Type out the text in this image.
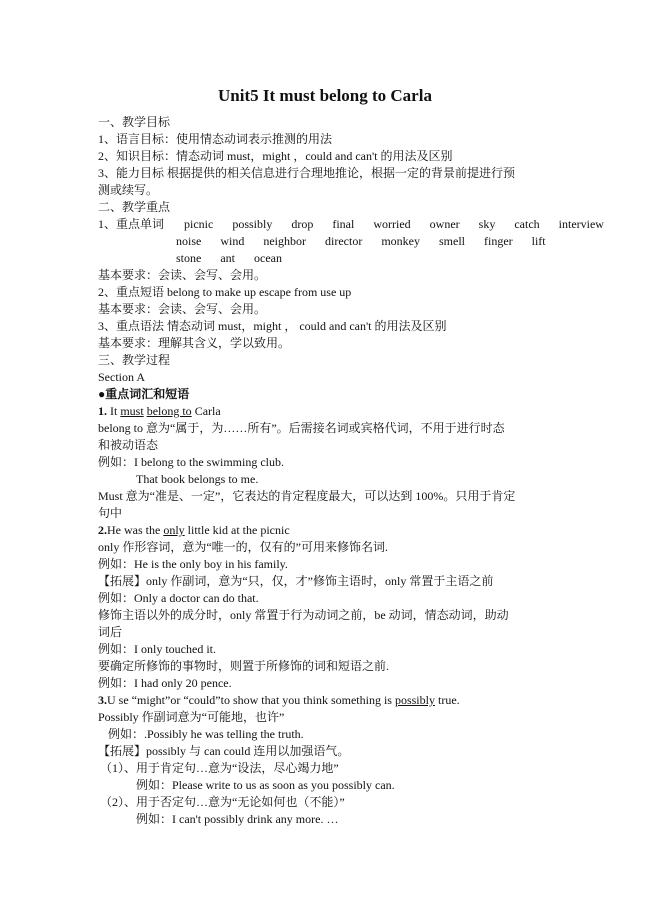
Unit5 It must belong to Carla
一、教学目标
1、语言目标：使用情态动词表示推测的用法
2、知识目标：情态动词 must，might ，could and can't 的用法及区别
3、能力目标 根据提供的相关信息进行合理地推论，根据一定的背景前提进行预
测或续写。
二、教学重点
1、重点单词 picnic possibly drop final worried owner sky catch interview
noise wind neighbor director monkey smell finger lift
stone ant ocean
基本要求：会读、会写、会用。
2、重点短语 belong to make up escape from use up
基本要求：会读、会写、会用。
3、重点语法 情态动词 must，might ， could and can't 的用法及区别
基本要求：理解其含义，学以致用。
三、教学过程
Section A
●重点词汇和短语
1. It must belong to Carla
belong to 意为“属于，为……所有”。后需接名词或宾格代词，不用于进行时态
和被动语态
例如：I belong to the swimming club.
That book belongs to me.
Must 意为“准是、一定”，它表达的肯定程度最大，可以达到 100%。只用于肯定
句中
2.He was the only little kid at the picnic
only 作形容词，意为“唯一的，仅有的”可用来修饰名词.
例如：He is the only boy in his family.
【拓展】only 作副词，意为“只，仅，才”修饰主语时，only 常置于主语之前
例如：Only a doctor can do that.
修饰主语以外的成分时，only 常置于行为动词之前，be 动词，情态动词，助动
词后
例如：I only touched it.
要确定所修饰的事物时，则置于所修饰的词和短语之前.
例如：I had only 20 pence.
3.U se “might”or “could”to show that you think something is possibly true.
Possibly 作副词意为“可能地，也许”
例如：.Possibly he was telling the truth.
【拓展】possibly 与 can could 连用以加强语气。
（1）、用于肯定句…意为“设法，尽心竭力地”
例如：Please write to us as soon as you possibly can.
（2）、用于否定句…意为“无论如何也（不能）”
例如：I can't possibly drink any more. …
